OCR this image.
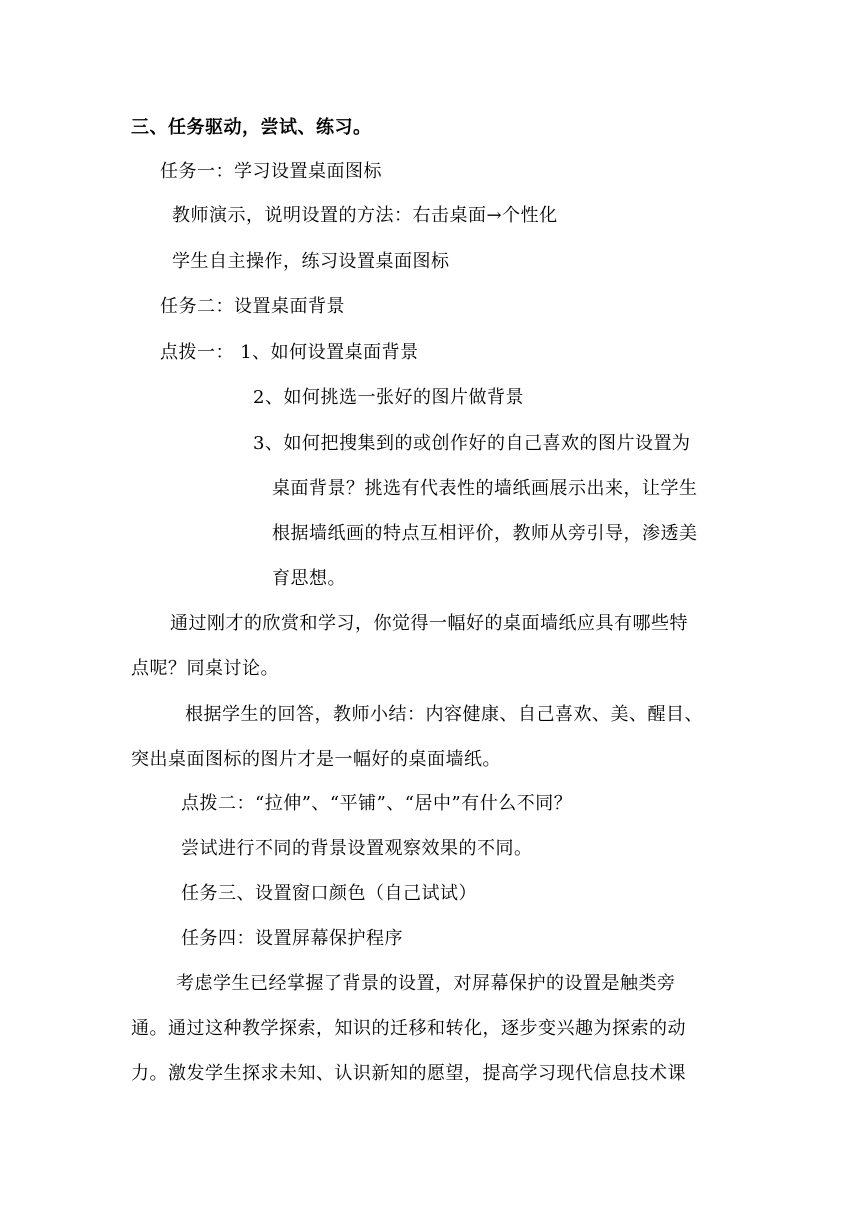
三、任务驱动，尝试、练习。
任务一：学习设置桌面图标
教师演示，说明设置的方法：右击桌面→个性化
学生自主操作，练习设置桌面图标
任务二：设置桌面背景
点拨一： 1、如何设置桌面背景
2、如何挑选一张好的图片做背景
3、如何把搜集到的或创作好的自己喜欢的图片设置为
桌面背景？挑选有代表性的墙纸画展示出来，让学生
根据墙纸画的特点互相评价，教师从旁引导，渗透美
育思想。
通过刚才的欣赏和学习，你觉得一幅好的桌面墙纸应具有哪些特
点呢？同桌讨论。
根据学生的回答，教师小结：内容健康、自己喜欢、美、醒目、
突出桌面图标的图片才是一幅好的桌面墙纸。
点拨二：“拉伸”、“平铺”、“居中”有什么不同？
尝试进行不同的背景设置观察效果的不同。
任务三、设置窗口颜色（自己试试）
任务四：设置屏幕保护程序
考虑学生已经掌握了背景的设置，对屏幕保护的设置是触类旁
通。通过这种教学探索，知识的迁移和转化，逐步变兴趣为探索的动
力。激发学生探求未知、认识新知的愿望，提高学习现代信息技术课
